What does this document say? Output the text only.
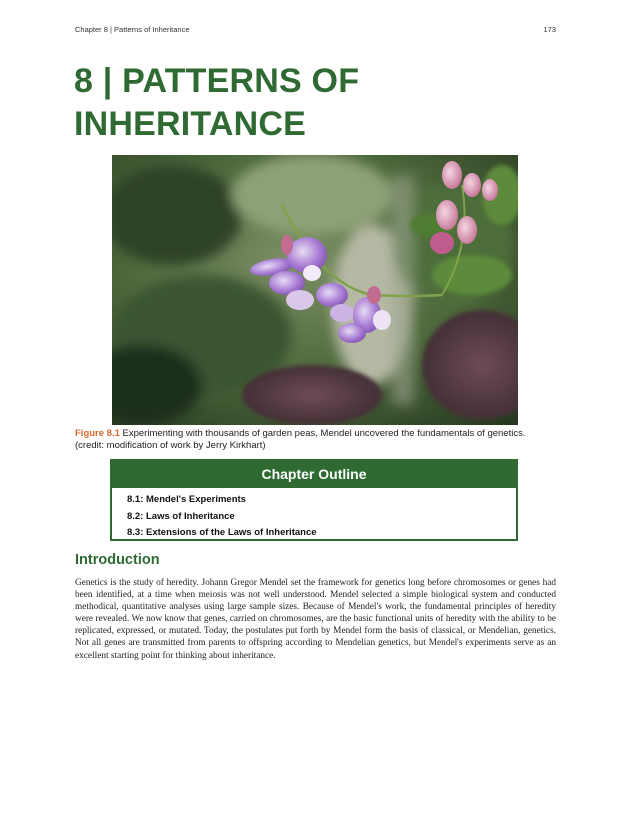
Chapter 8 | Patterns of Inheritance	173
8 | PATTERNS OF INHERITANCE
Figure 8.1 Experimenting with thousands of garden peas, Mendel uncovered the fundamentals of genetics. (credit: modification of work by Jerry Kirkhart)
Chapter Outline
8.1: Mendel's Experiments
8.2: Laws of Inheritance
8.3: Extensions of the Laws of Inheritance
Introduction

Genetics is the study of heredity. Johann Gregor Mendel set the framework for genetics long before chromosomes or genes had been identified, at a time when meiosis was not well understood. Mendel selected a simple biological system and conducted methodical, quantitative analyses using large sample sizes. Because of Mendel's work, the fundamental principles of heredity were revealed. We now know that genes, carried on chromosomes, are the basic functional units of heredity with the ability to be replicated, expressed, or mutated. Today, the postulates put forth by Mendel form the basis of classical, or Mendelian, genetics. Not all genes are transmitted from parents to offspring according to Mendelian genetics, but Mendel's experiments serve as an excellent starting point for thinking about inheritance.
